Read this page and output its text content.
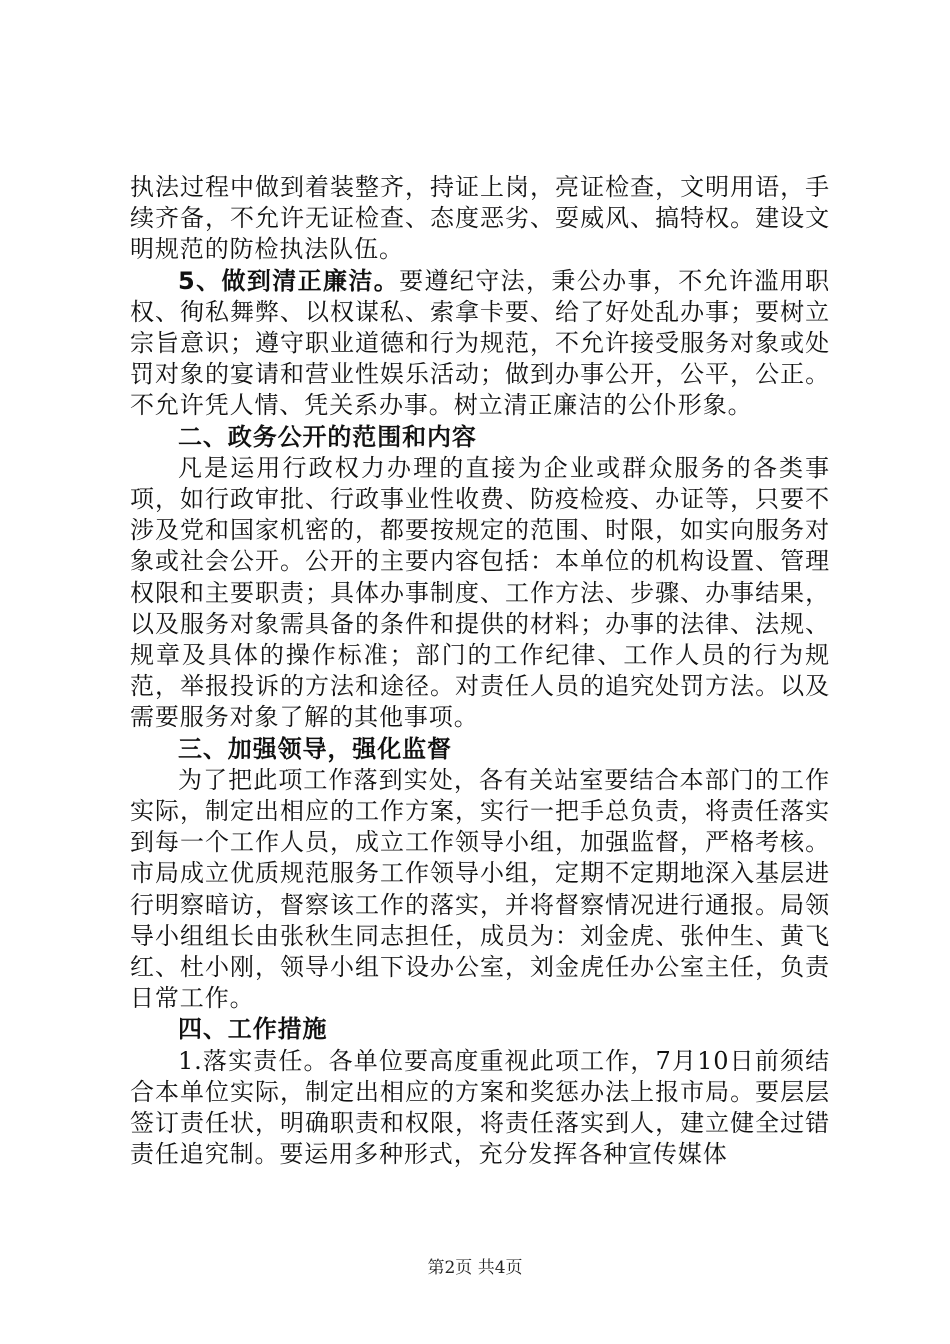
执法过程中做到着装整齐，持证上岗，亮证检查，文明用语，手续齐备，不允许无证检查、态度恶劣、耍威风、搞特权。建设文明规范的防检执法队伍。

5、做到清正廉洁。要遵纪守法，秉公办事，不允许滥用职权、徇私舞弊、以权谋私、索拿卡要、给了好处乱办事；要树立宗旨意识；遵守职业道德和行为规范，不允许接受服务对象或处罚对象的宴请和营业性娱乐活动；做到办事公开，公平，公正。不允许凭人情、凭关系办事。树立清正廉洁的公仆形象。

二、政务公开的范围和内容

凡是运用行政权力办理的直接为企业或群众服务的各类事项，如行政审批、行政事业性收费、防疫检疫、办证等，只要不涉及党和国家机密的，都要按规定的范围、时限，如实向服务对象或社会公开。公开的主要内容包括：本单位的机构设置、管理权限和主要职责；具体办事制度、工作方法、步骤、办事结果，以及服务对象需具备的条件和提供的材料；办事的法律、法规、规章及具体的操作标准；部门的工作纪律、工作人员的行为规范，举报投诉的方法和途径。对责任人员的追究处罚方法。以及需要服务对象了解的其他事项。

三、加强领导，强化监督

为了把此项工作落到实处，各有关站室要结合本部门的工作实际，制定出相应的工作方案，实行一把手总负责，将责任落实到每一个工作人员，成立工作领导小组，加强监督，严格考核。市局成立优质规范服务工作领导小组，定期不定期地深入基层进行明察暗访，督察该工作的落实，并将督察情况进行通报。局领导小组组长由张秋生同志担任，成员为：刘金虎、张仲生、黄飞红、杜小刚，领导小组下设办公室，刘金虎任办公室主任，负责日常工作。

四、工作措施

1.落实责任。各单位要高度重视此项工作，7月10日前须结合本单位实际，制定出相应的方案和奖惩办法上报市局。要层层签订责任状，明确职责和权限，将责任落实到人，建立健全过错责任追究制。要运用多种形式，充分发挥各种宣传媒体

第2页 共4页
